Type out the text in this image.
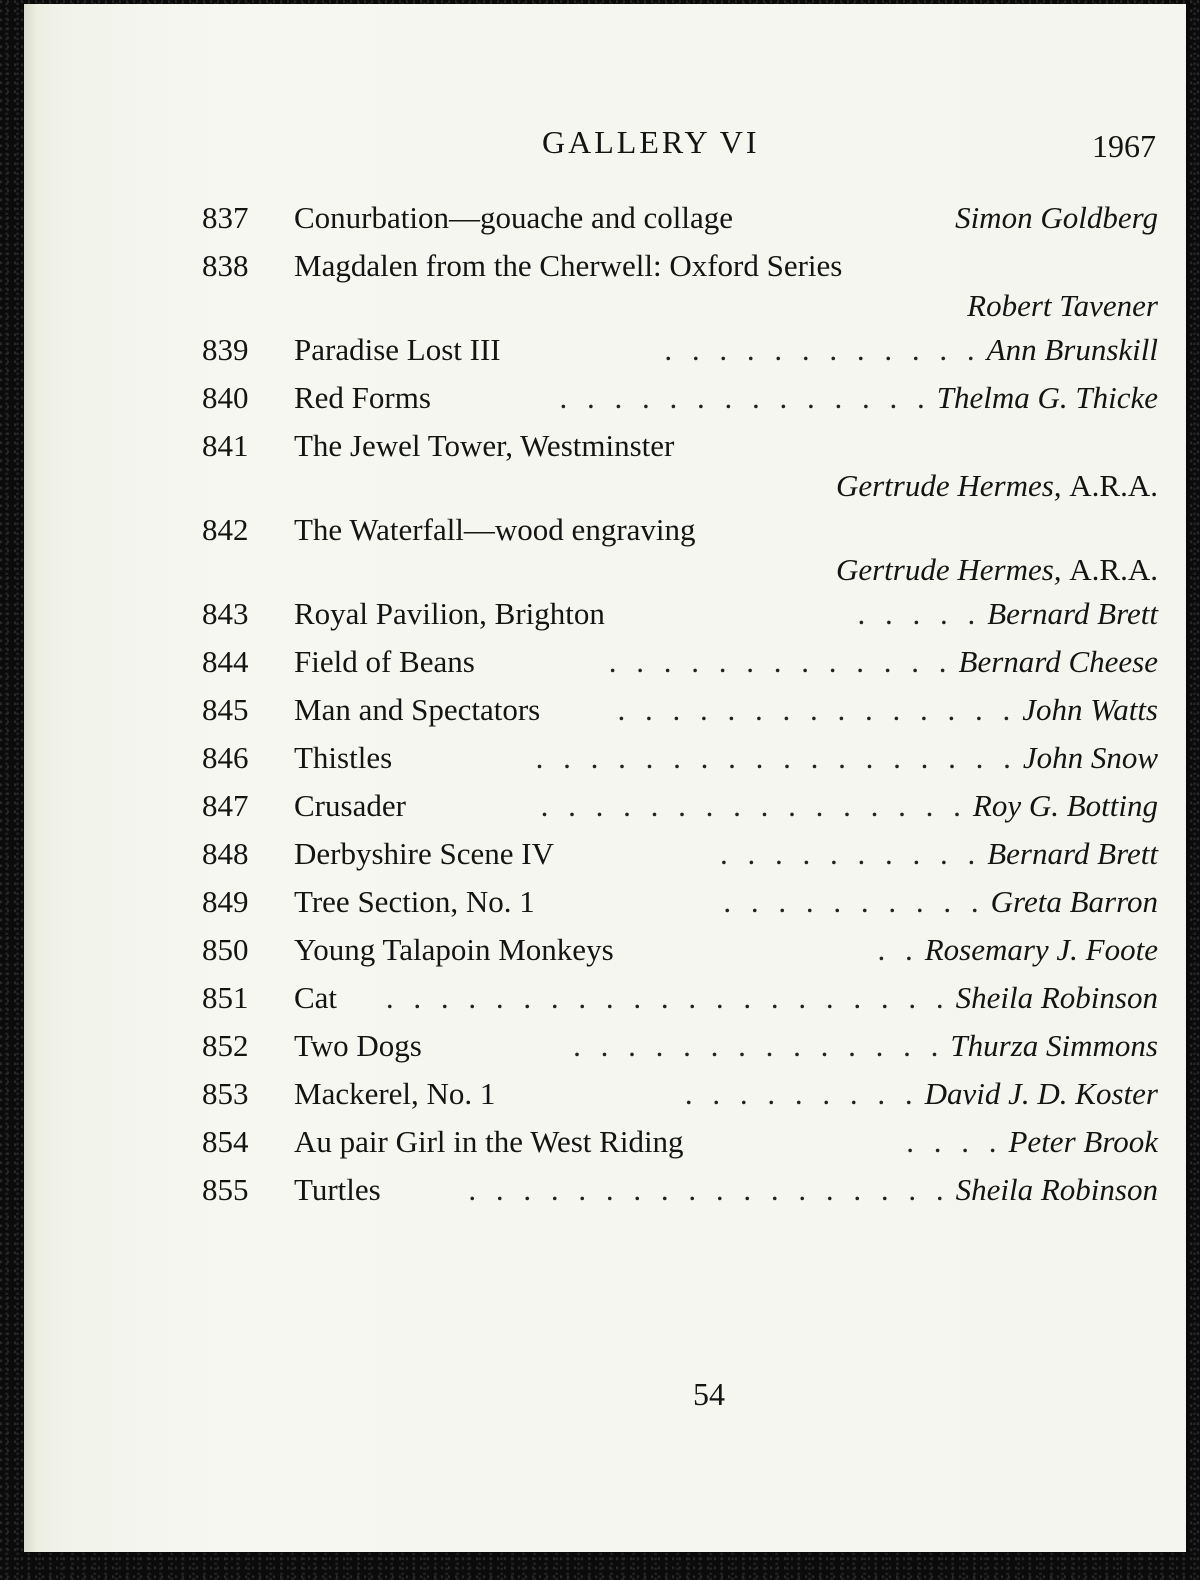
GALLERY VI	1967
837	Conurbation—gouache and collage	Simon Goldberg
838	Magdalen from the Cherwell: Oxford Series
Robert Tavener
839	Paradise Lost III	. . . . . . . . . . . . Ann Brunskill
840	Red Forms	. . . . . . . . . . . . . . Thelma G. Thicke
841	The Jewel Tower, Westminster
Gertrude Hermes, A.R.A.
842	The Waterfall—wood engraving
Gertrude Hermes, A.R.A.
843	Royal Pavilion, Brighton	. . . . . Bernard Brett
844	Field of Beans	. . . . . . . . . . . . . Bernard Cheese
845	Man and Spectators	. . . . . . . . . . . . . . . John Watts
846	Thistles	. . . . . . . . . . . . . . . . . . John Snow
847	Crusader	. . . . . . . . . . . . . . . . Roy G. Botting
848	Derbyshire Scene IV	. . . . . . . . . . Bernard Brett
849	Tree Section, No. 1	. . . . . . . . . . Greta Barron
850	Young Talapoin Monkeys	. . Rosemary J. Foote
851	Cat	. . . . . . . . . . . . . . . . . . . . . Sheila Robinson
852	Two Dogs	. . . . . . . . . . . . . . Thurza Simmons
853	Mackerel, No. 1	. . . . . . . . . David J. D. Koster
854	Au pair Girl in the West Riding	. . . . Peter Brook
855	Turtles	. . . . . . . . . . . . . . . . . . Sheila Robinson
54
